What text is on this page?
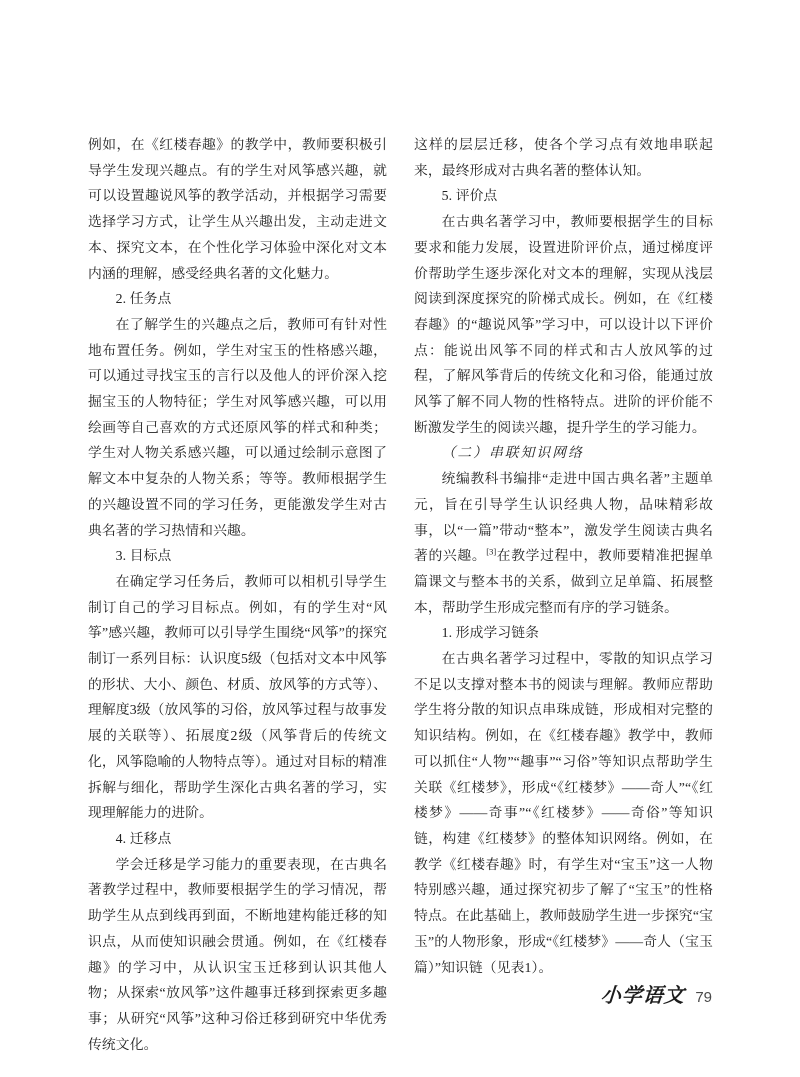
例如，在《红楼春趣》的教学中，教师要积极引导学生发现兴趣点。有的学生对风筝感兴趣，就可以设置趣说风筝的教学活动，并根据学习需要选择学习方式，让学生从兴趣出发，主动走进文本、探究文本，在个性化学习体验中深化对文本内涵的理解，感受经典名著的文化魅力。

2. 任务点

在了解学生的兴趣点之后，教师可有针对性地布置任务。例如，学生对宝玉的性格感兴趣，可以通过寻找宝玉的言行以及他人的评价深入挖掘宝玉的人物特征；学生对风筝感兴趣，可以用绘画等自己喜欢的方式还原风筝的样式和种类；学生对人物关系感兴趣，可以通过绘制示意图了解文本中复杂的人物关系；等等。教师根据学生的兴趣设置不同的学习任务，更能激发学生对古典名著的学习热情和兴趣。

3. 目标点

在确定学习任务后，教师可以相机引导学生制订自己的学习目标点。例如，有的学生对“风筝”感兴趣，教师可以引导学生围绕“风筝”的探究制订一系列目标：认识度5级（包括对文本中风筝的形状、大小、颜色、材质、放风筝的方式等）、理解度3级（放风筝的习俗，放风筝过程与故事发展的关联等）、拓展度2级（风筝背后的传统文化，风筝隐喻的人物特点等）。通过对目标的精准拆解与细化，帮助学生深化古典名著的学习，实现理解能力的进阶。

4. 迁移点

学会迁移是学习能力的重要表现，在古典名著教学过程中，教师要根据学生的学习情况，帮助学生从点到线再到面，不断地建构能迁移的知识点，从而使知识融会贯通。例如，在《红楼春趣》的学习中，从认识宝玉迁移到认识其他人物；从探索“放风筝”这件趣事迁移到探索更多趣事；从研究“风筝”这种习俗迁移到研究中华优秀传统文化。

这样的层层迁移，使各个学习点有效地串联起来，最终形成对古典名著的整体认知。

5. 评价点

在古典名著学习中，教师要根据学生的目标要求和能力发展，设置进阶评价点，通过梯度评价帮助学生逐步深化对文本的理解，实现从浅层阅读到深度探究的阶梯式成长。例如，在《红楼春趣》的“趣说风筝”学习中，可以设计以下评价点：能说出风筝不同的样式和古人放风筝的过程，了解风筝背后的传统文化和习俗，能通过放风筝了解不同人物的性格特点。进阶的评价能不断激发学生的阅读兴趣，提升学生的学习能力。

（二）串联知识网络

统编教科书编排“走进中国古典名著”主题单元，旨在引导学生认识经典人物，品味精彩故事，以“一篇”带动“整本”，激发学生阅读古典名著的兴趣。[3]在教学过程中，教师要精准把握单篇课文与整本书的关系，做到立足单篇、拓展整本，帮助学生形成完整而有序的学习链条。

1. 形成学习链条

在古典名著学习过程中，零散的知识点学习不足以支撑对整本书的阅读与理解。教师应帮助学生将分散的知识点串珠成链，形成相对完整的知识结构。例如，在《红楼春趣》教学中，教师可以抓住“人物”“趣事”“习俗”等知识点帮助学生关联《红楼梦》，形成“《红楼梦》——奇人”“《红楼梦》——奇事”“《红楼梦》——奇俗”等知识链，构建《红楼梦》的整体知识网络。例如，在教学《红楼春趣》时，有学生对“宝玉”这一人物特别感兴趣，通过探究初步了解了“宝玉”的性格特点。在此基础上，教师鼓励学生进一步探究“宝玉”的人物形象，形成“《红楼梦》——奇人（宝玉篇）”知识链（见表1）。

小学语文 79
